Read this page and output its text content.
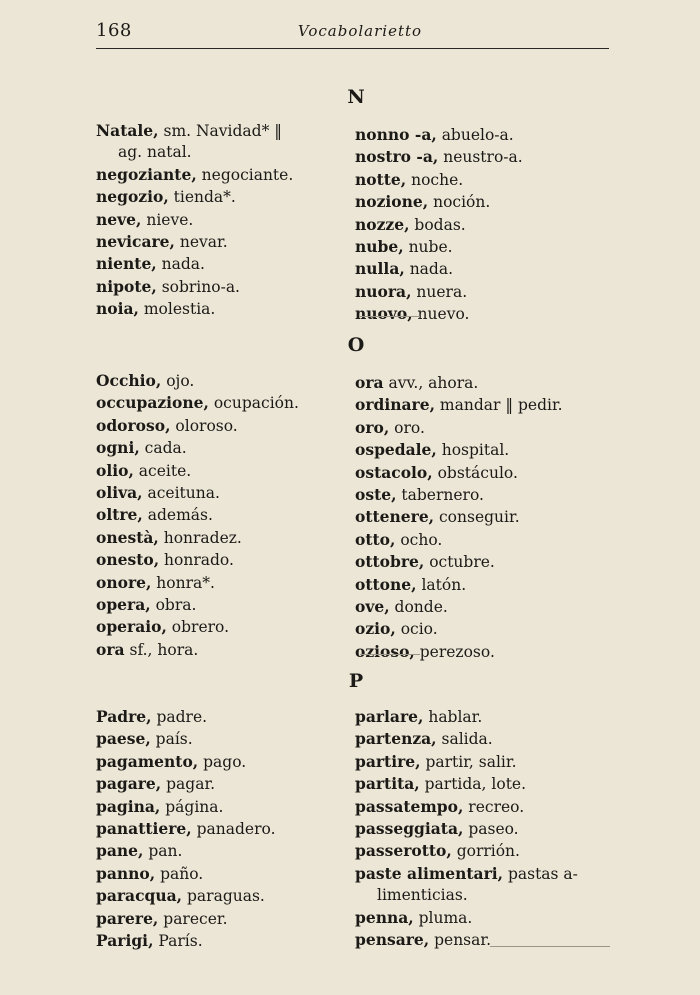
168	Vocabolarietto
N
Natale, sm. Navidad* ‖
ag. natal.
negoziante, negociante.
negozio, tienda*.
neve, nieve.
nevicare, nevar.
niente, nada.
nipote, sobrino-a.
noia, molestia.
nonno -a, abuelo-a.
nostro -a, neustro-a.
notte, noche.
nozione, noción.
nozze, bodas.
nube, nube.
nulla, nada.
nuora, nuera.
nuovo, nuevo.
O
Occhio, ojo.
occupazione, ocupación.
odoroso, oloroso.
ogni, cada.
olio, aceite.
oliva, aceituna.
oltre, además.
onestà, honradez.
onesto, honrado.
onore, honra*.
opera, obra.
operaio, obrero.
ora sf., hora.
ora avv., ahora.
ordinare, mandar ‖ pedir.
oro, oro.
ospedale, hospital.
ostacolo, obstáculo.
oste, tabernero.
ottenere, conseguir.
otto, ocho.
ottobre, octubre.
ottone, latón.
ove, donde.
ozio, ocio.
ozioso, perezoso.
P
Padre, padre.
paese, país.
pagamento, pago.
pagare, pagar.
pagina, página.
panattiere, panadero.
pane, pan.
panno, paño.
paracqua, paraguas.
parere, parecer.
Parigi, París.
parlare, hablar.
partenza, salida.
partire, partir, salir.
partita, partida, lote.
passatempo, recreo.
passeggiata, paseo.
passerotto, gorrión.
paste alimentari, pastas a-
limenticias.
penna, pluma.
pensare, pensar.
